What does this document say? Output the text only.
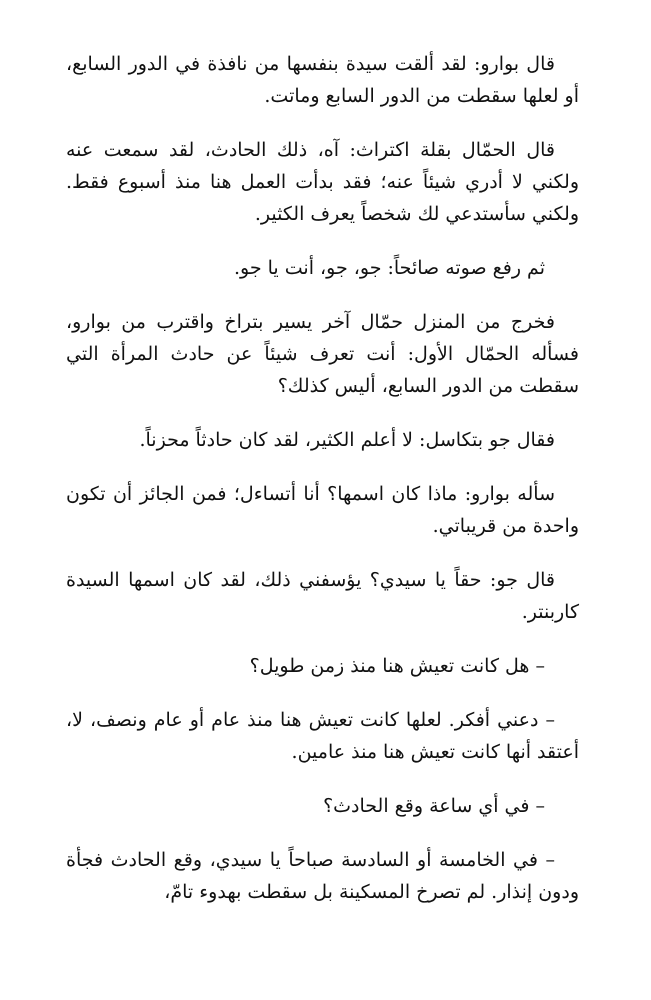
قال بوارو: لقد ألقت سيدة بنفسها من نافذة في الدور السابع، أو لعلها سقطت من الدور السابع وماتت.

قال الحمّال بقلة اكتراث: آه، ذلك الحادث، لقد سمعت عنه ولكني لا أدري شيئاً عنه؛ فقد بدأت العمل هنا منذ أسبوع فقط. ولكني سأستدعي لك شخصاً يعرف الكثير.

ثم رفع صوته صائحاً: جو، جو، أنت يا جو.

فخرج من المنزل حمّال آخر يسير بتراخ واقترب من بوارو، فسأله الحمّال الأول: أنت تعرف شيئاً عن حادث المرأة التي سقطت من الدور السابع، أليس كذلك؟

فقال جو بتكاسل: لا أعلم الكثير، لقد كان حادثاً محزناً.

سأله بوارو: ماذا كان اسمها؟ أنا أتساءل؛ فمن الجائز أن تكون واحدة من قريباتي.

قال جو: حقاً يا سيدي؟ يؤسفني ذلك، لقد كان اسمها السيدة كاربنتر.

– هل كانت تعيش هنا منذ زمن طويل؟

– دعني أفكر. لعلها كانت تعيش هنا منذ عام أو عام ونصف، لا، أعتقد أنها كانت تعيش هنا منذ عامين.

– في أي ساعة وقع الحادث؟

– في الخامسة أو السادسة صباحاً يا سيدي، وقع الحادث فجأة ودون إنذار. لم تصرخ المسكينة بل سقطت بهدوء تامّ،
